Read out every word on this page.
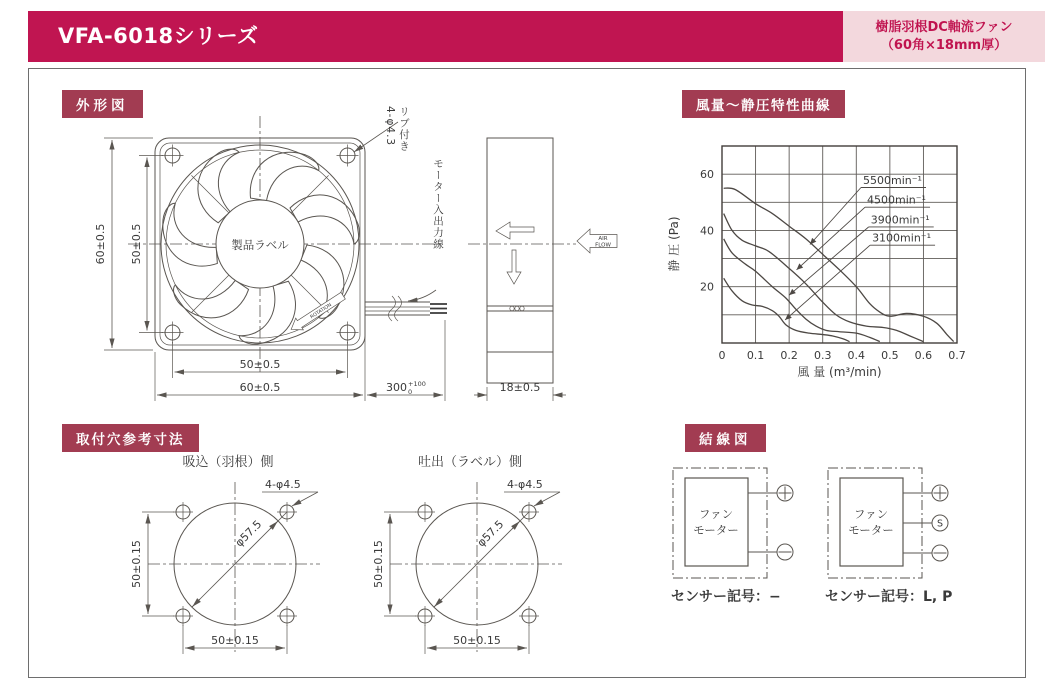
VFA-6018シリーズ	樹脂羽根DC軸流ファン
（60角×18mm厚）
外形図	風量〜静圧特性曲線
取付穴参考寸法	結線図
製品ラベル
ROTATION
AIR
FLOW
60±0.5 50±0.5
50±0.5
60±0.5	300 +100
0	18±0.5
リブ付き
4-φ4.3
モーター入出力線
0 0.1 0.2 0.3 0.4 0.5 0.6 0.7
20
40
60	5500min⁻¹
4500min⁻¹
3900min⁻¹
3100min⁻¹
風 量 (m³/min)
静 圧 (Pa)
吸込（羽根）側
φ57.5
4-φ4.5
50±0.15
50±0.15
吐出（ラベル）側
φ57.5
4-φ4.5
50±0.15
50±0.15
ファン
モーター
ファン
モーター	S
センサー記号：−	センサー記号：L, P
